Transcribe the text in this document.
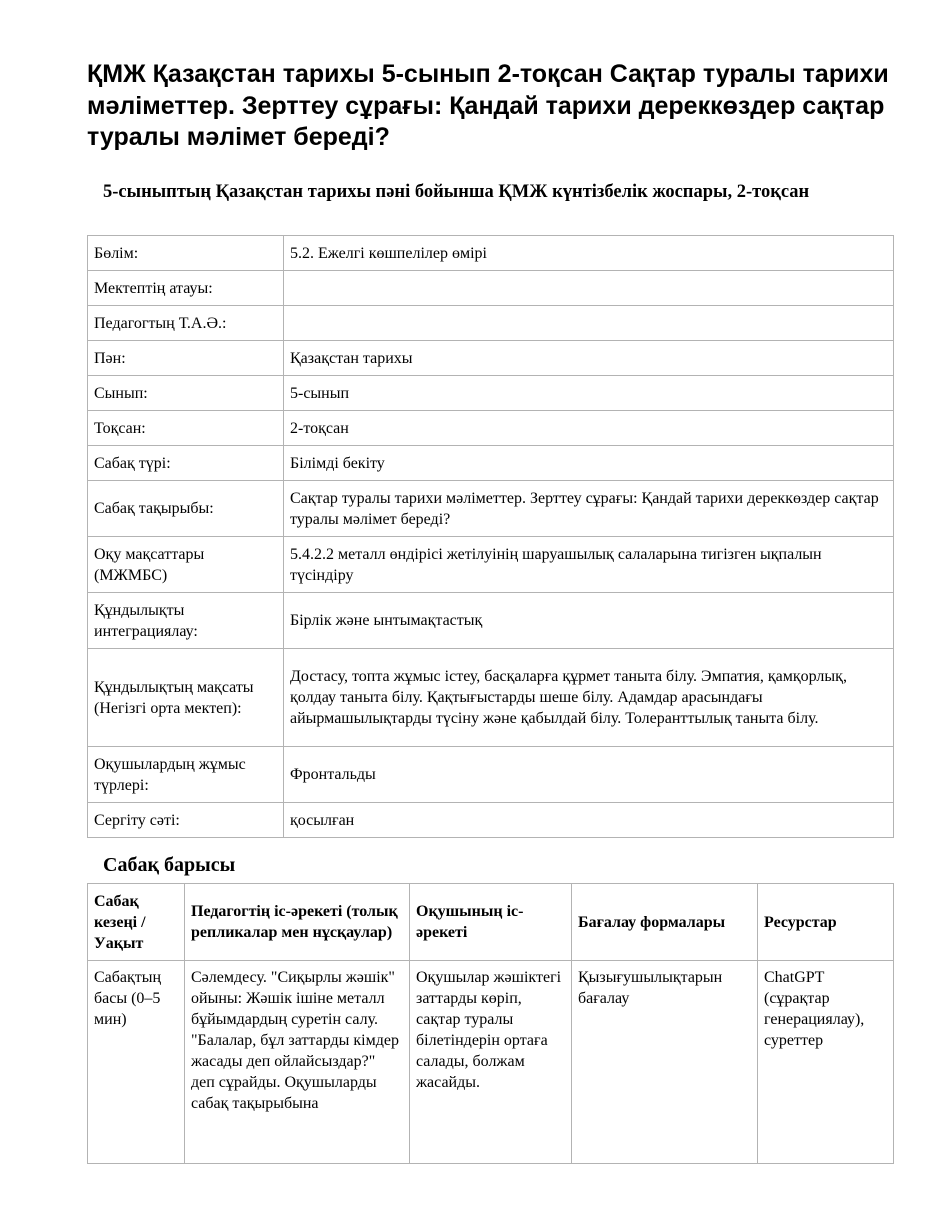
ҚМЖ Қазақстан тарихы 5-сынып 2-тоқсан Сақтар туралы тарихи мәліметтер. Зерттеу сұрағы: Қандай тарихи дереккөздер сақтар туралы мәлімет береді?
5-сыныптың Қазақстан тарихы пәні бойынша ҚМЖ күнтізбелік жоспары, 2-тоқсан
Бөлім:	5.2. Ежелгі көшпелілер өмірі
Мектептің атауы:	
Педагогтың Т.А.Ә.:	
Пән:	Қазақстан тарихы
Сынып:	5-сынып
Тоқсан:	2-тоқсан
Сабақ түрі:	Білімді бекіту
Сабақ тақырыбы:	Сақтар туралы тарихи мәліметтер. Зерттеу сұрағы: Қандай тарихи дереккөздер сақтар туралы мәлімет береді?
Оқу мақсаттары (МЖМБС)	5.4.2.2 металл өндірісі жетілуінің шаруашылық салаларына тигізген ықпалын түсіндіру
Құндылықты интеграциялау:	Бірлік және ынтымақтастық
Құндылықтың мақсаты (Негізгі орта мектеп):	Достасу, топта жұмыс істеу, басқаларға құрмет таныта білу. Эмпатия, қамқорлық, қолдау таныта білу. Қақтығыстарды шеше білу. Адамдар арасындағы айырмашылықтарды түсіну және қабылдай білу. Толеранттылық таныта білу.
Оқушылардың жұмыс түрлері:	Фронтальды
Сергіту сәті:	қосылған
Сабақ барысы
Сабақ кезеңі / Уақыт	Педагогтің іс-әрекеті (толық репликалар мен нұсқаулар)	Оқушының іс-әрекеті	Бағалау формалары	Ресурстар
Сабақтың басы (0–5 мин)	Сәлемдесу. "Сиқырлы жәшік" ойыны: Жәшік ішіне металл бұйымдардың суретін салу. "Балалар, бұл заттарды кімдер жасады деп ойлайсыздар?" деп сұрайды. Оқушыларды сабақ тақырыбына	Оқушылар жәшіктегі заттарды көріп, сақтар туралы білетіндерін ортаға салады, болжам жасайды.	Қызығушылықтарын бағалау	ChatGPT (сұрақтар генерациялау), суреттер
